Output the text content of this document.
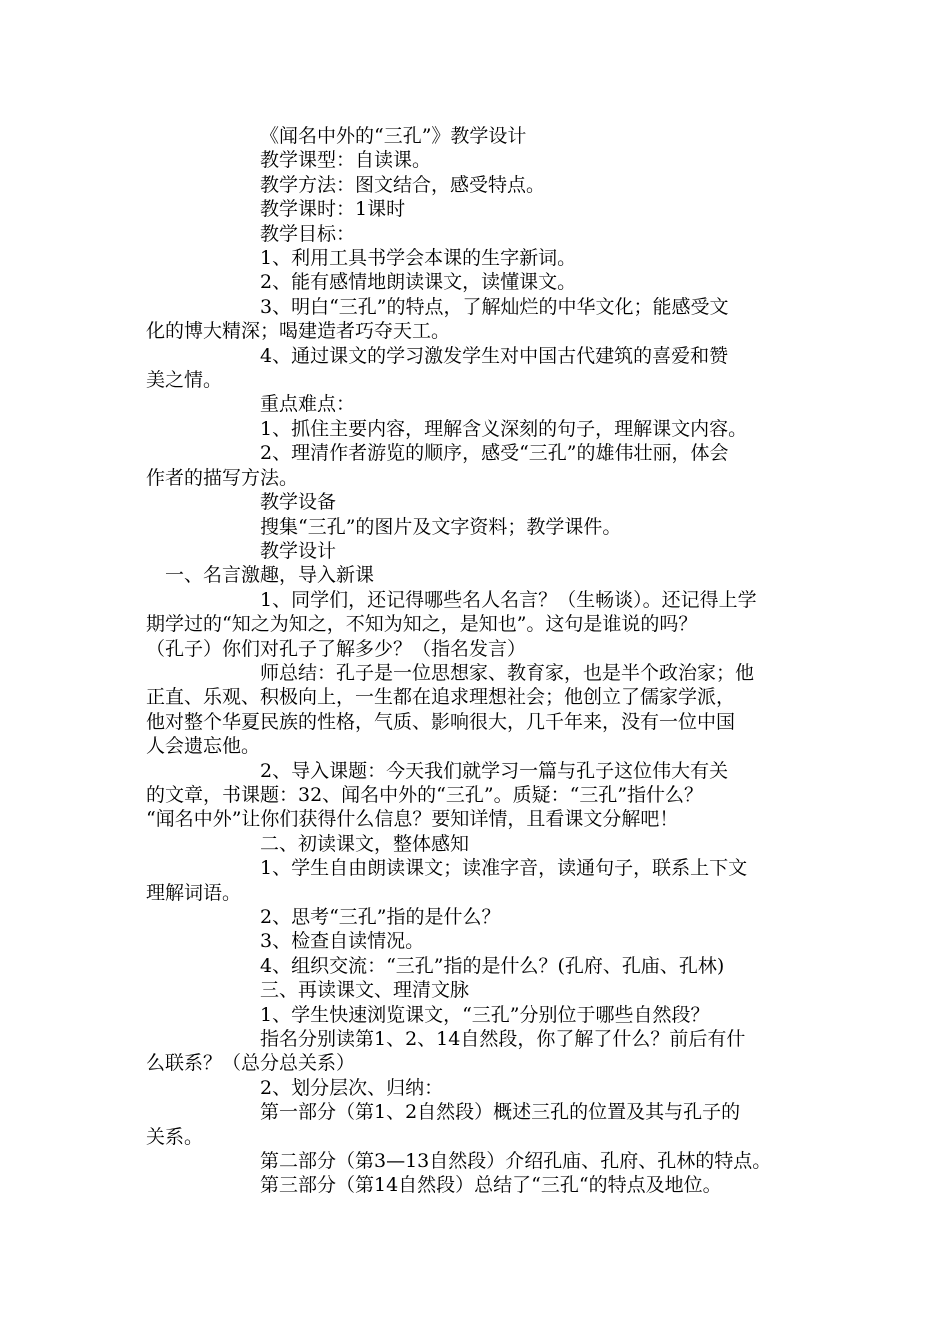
《闻名中外的“三孔”》教学设计

教学课型：自读课。

教学方法：图文结合，感受特点。

教学课时：1课时

教学目标：

1、利用工具书学会本课的生字新词。

2、能有感情地朗读课文，读懂课文。

3、明白“三孔”的特点，了解灿烂的中华文化；能感受文

化的博大精深；喝建造者巧夺天工。

4、通过课文的学习激发学生对中国古代建筑的喜爱和赞

美之情。

重点难点：

1、抓住主要内容，理解含义深刻的句子，理解课文内容。

2、理清作者游览的顺序，感受“三孔”的雄伟壮丽，体会

作者的描写方法。

教学设备

搜集“三孔”的图片及文字资料；教学课件。

教学设计

一、名言激趣，导入新课

1、同学们，还记得哪些名人名言？（生畅谈）。还记得上学

期学过的“知之为知之，不知为知之，是知也”。这句是谁说的吗？

（孔子）你们对孔子了解多少？（指名发言）

师总结：孔子是一位思想家、教育家，也是半个政治家；他

正直、乐观、积极向上，一生都在追求理想社会；他创立了儒家学派，

他对整个华夏民族的性格，气质、影响很大，几千年来，没有一位中国

人会遗忘他。

2、导入课题：今天我们就学习一篇与孔子这位伟大有关

的文章，书课题：32、闻名中外的“三孔”。质疑：“三孔”指什么？

“闻名中外”让你们获得什么信息？要知详情，且看课文分解吧！

二、初读课文，整体感知

1、学生自由朗读课文；读准字音，读通句子，联系上下文

理解词语。

2、思考“三孔”指的是什么？

3、检查自读情况。

4、组织交流：“三孔”指的是什么？(孔府、孔庙、孔林)

三、再读课文、理清文脉

1、学生快速浏览课文，“三孔”分别位于哪些自然段？

指名分别读第1、2、14自然段，你了解了什么？前后有什

么联系？（总分总关系）

2、划分层次、归纳：

第一部分（第1、2自然段）概述三孔的位置及其与孔子的

关系。

第二部分（第3—13自然段）介绍孔庙、孔府、孔林的特点。

第三部分（第14自然段）总结了“三孔“的特点及地位。
